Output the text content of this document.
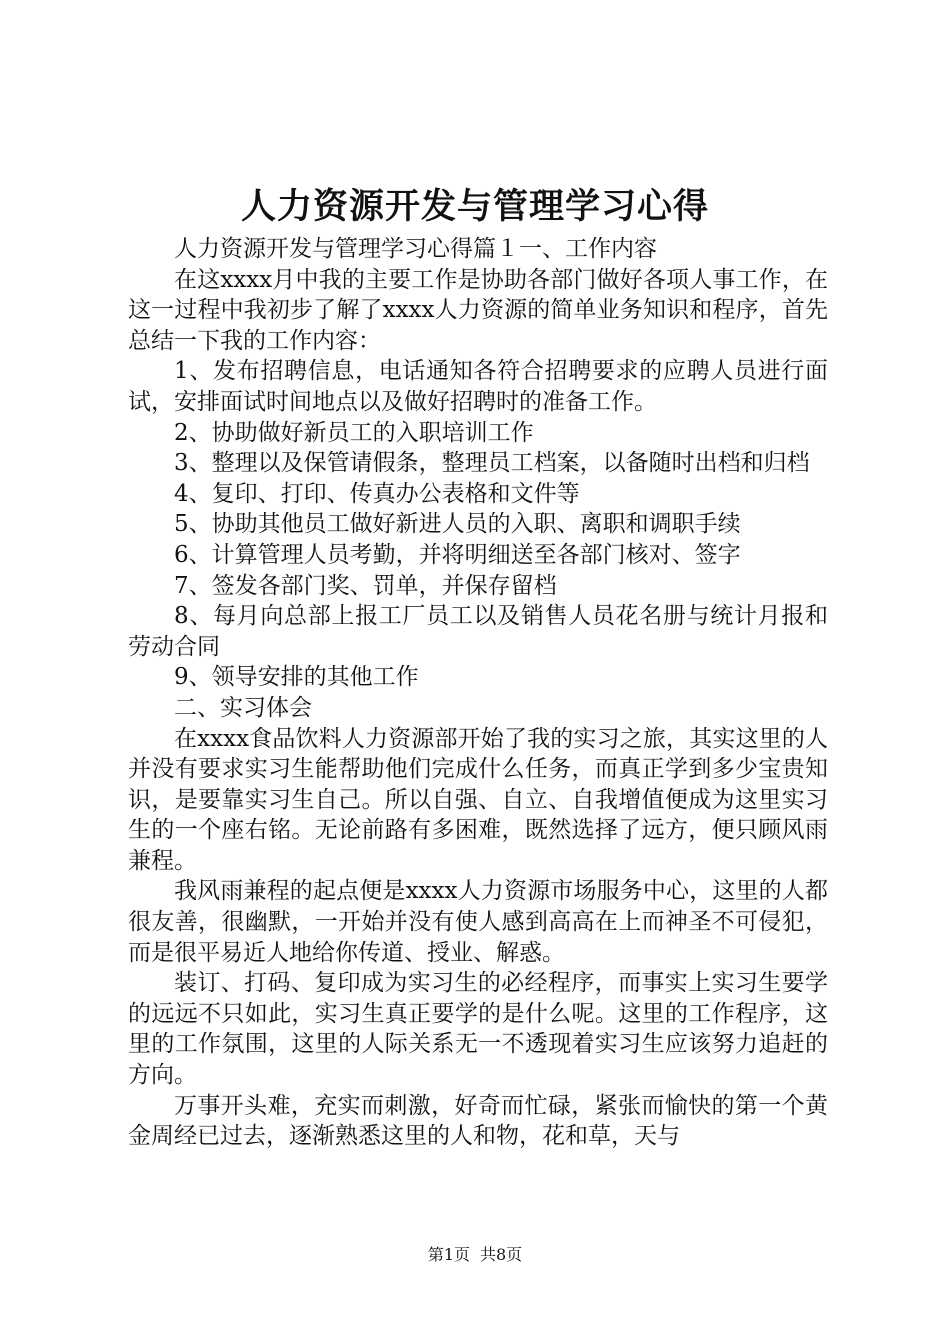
人力资源开发与管理学习心得

人力资源开发与管理学习心得篇１一、工作内容

在这xxxx月中我的主要工作是协助各部门做好各项人事工作，在这一过程中我初步了解了xxxx人力资源的简单业务知识和程序，首先总结一下我的工作内容：

1、发布招聘信息，电话通知各符合招聘要求的应聘人员进行面试，安排面试时间地点以及做好招聘时的准备工作。

2、协助做好新员工的入职培训工作

3、整理以及保管请假条，整理员工档案，以备随时出档和归档

4、复印、打印、传真办公表格和文件等

5、协助其他员工做好新进人员的入职、离职和调职手续

6、计算管理人员考勤，并将明细送至各部门核对、签字

7、签发各部门奖、罚单，并保存留档

8、每月向总部上报工厂员工以及销售人员花名册与统计月报和劳动合同

9、领导安排的其他工作

二、实习体会

在xxxx食品饮料人力资源部开始了我的实习之旅，其实这里的人并没有要求实习生能帮助他们完成什么任务，而真正学到多少宝贵知识，是要靠实习生自己。所以自强、自立、自我增值便成为这里实习生的一个座右铭。无论前路有多困难，既然选择了远方，便只顾风雨兼程。

我风雨兼程的起点便是xxxx人力资源市场服务中心，这里的人都很友善，很幽默，一开始并没有使人感到高高在上而神圣不可侵犯，而是很平易近人地给你传道、授业、解惑。

装订、打码、复印成为实习生的必经程序，而事实上实习生要学的远远不只如此，实习生真正要学的是什么呢。这里的工作程序，这里的工作氛围，这里的人际关系无一不透现着实习生应该努力追赶的方向。

万事开头难，充实而刺激，好奇而忙碌，紧张而愉快的第一个黄金周经已过去，逐渐熟悉这里的人和物，花和草，天与

第1页 共8页
